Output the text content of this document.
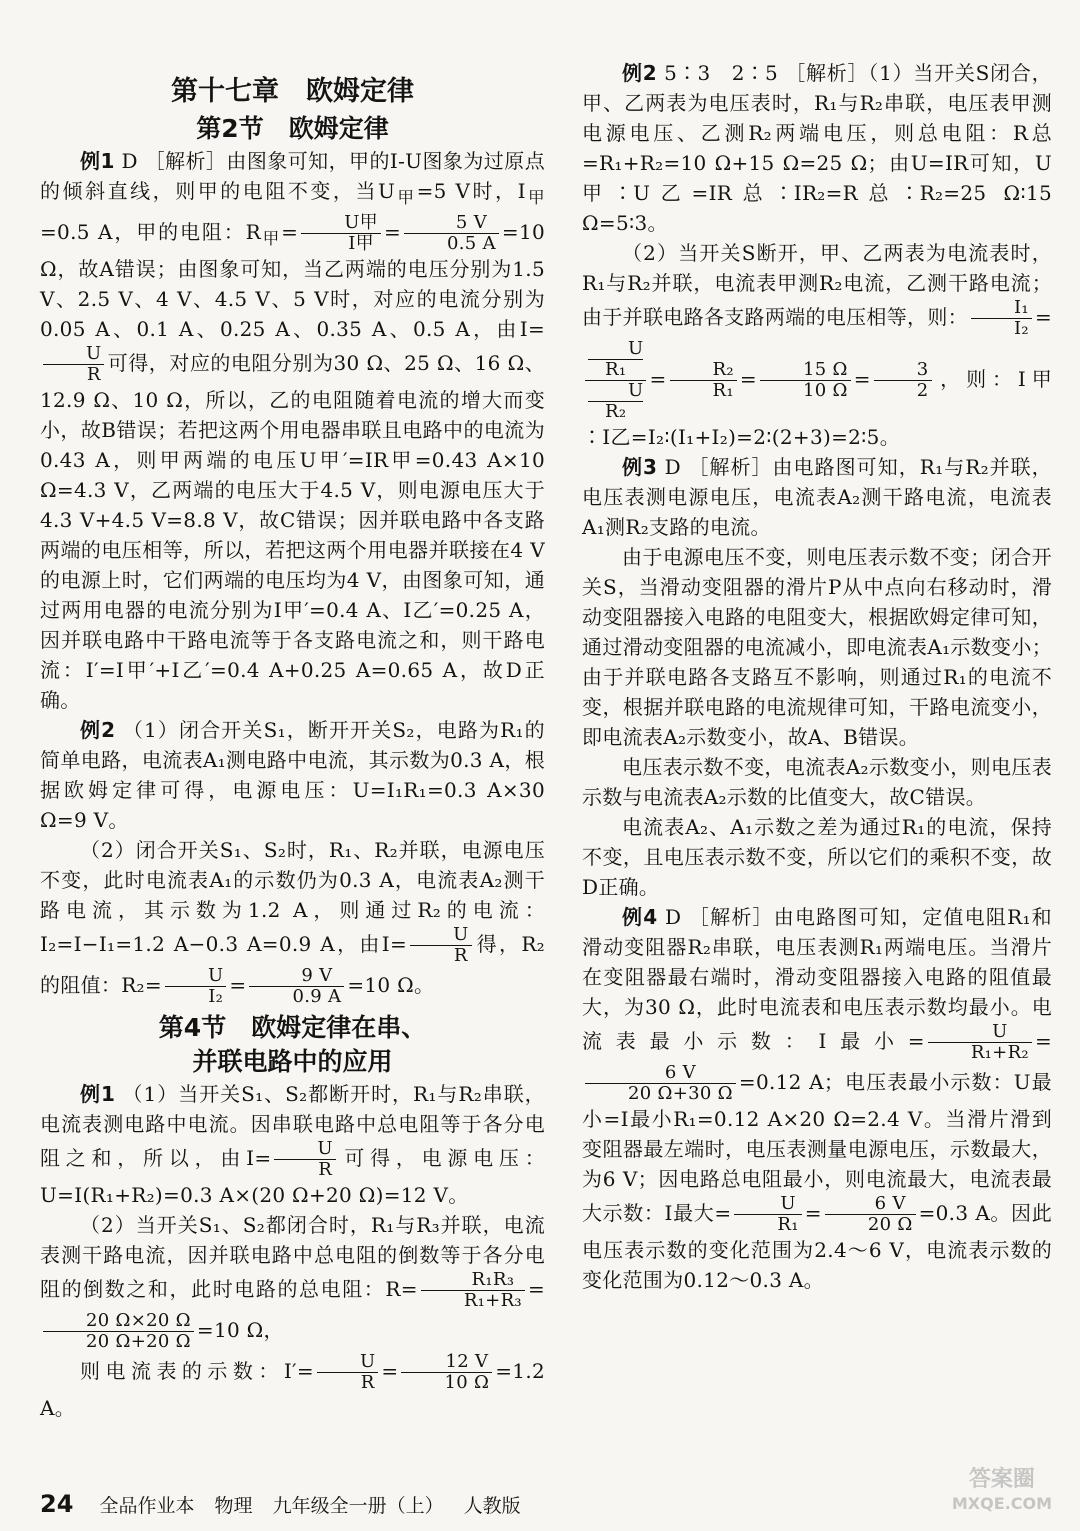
第十七章　欧姆定律
第2节　欧姆定律

例1 D ［解析］由图象可知，甲的I-U图象为过原点的倾斜直线，则甲的电阻不变，当$U_甲=5$ V时，$I_甲=0.5$ A，甲的电阻：$R_甲= \frac{\text{U甲}}{\text{I甲}} = \frac{5 V}{0.5 A} =10$ Ω，故A错误；由图象可知，当乙两端的电压分别为1.5 V、2.5 V、4 V、4.5 V、5 V时，对应的电流分别为0.05 A、0.1 A、0.25 A、0.35 A、0.5 A，由I=
$\frac{U}{R}$ 可得，对应的电阻分别为30 Ω、25 Ω、16 Ω、12.9 Ω、10 Ω，所以，乙的电阻随着电流的增大而变小，故B错误；若把这两个用电器串联且电路中的电流为0.43 A，则甲两端的电压U甲′=IR甲=0.43 A×10 Ω=4.3 V，乙两端的电压大于4.5 V，则电源电压大于4.3 V+4.5 V=8.8 V，故C错误；因并联电路中各支路两端的电压相等，所以，若把这两个用电器并联接在4 V的电源上时，它们两端的电压均为4 V，由图象可知，通过两用电器的电流分别为I甲′=0.4 A、I乙′=0.25 A，因并联电路中干路电流等于各支路电流之和，则干路电流：I′=I甲′+I乙′=0.4 A+0.25 A=0.65 A，故D正确。

例2 （1）闭合开关S₁，断开开关S₂，电路为R₁的简单电路，电流表A₁测电路中电流，其示数为0.3 A，根据欧姆定律可得，电源电压：U=I₁R₁=0.3 A×30 Ω=9 V。

（2）闭合开关S₁、S₂时，R₁、R₂并联，电源电压不变，此时电流表A₁的示数仍为0.3 A，电流表A₂测干路电流，其示数为1.2 A，则通过R₂的电流：I₂=I−I₁=1.2 A−0.3 A=0.9 A，由$I= \frac{U}{R}$ 得，R₂的阻值：$R_2= \frac{U}{\text{I₂}} = \frac{9 V}{0.9 A} =10$ Ω。

第4节　欧姆定律在串、
并联电路中的应用

例1 （1）当开关S₁、S₂都断开时，R₁与R₂串联，电流表测电路中电流。因串联电路中总电阻等于各分电阻之和，所以，由$I= \frac{U}{R}$ 可得，电源电压：U=I(R₁+R₂)=0.3 A×(20 Ω+20 Ω)=12 V。

（2）当开关S₁、S₂都闭合时，R₁与R₃并联，电流表测干路电流，因并联电路中总电阻的倒数等于各分电阻的倒数之和，此时电路的总电阻：$R= \frac{\text{R₁R₃}}{\text{R₁+R₃}}$ =
$\frac{20 \Omega\times 20 \Omega}{20 \Omega+20 \Omega} =10$ Ω，

则电流表的示数：$I'= \frac{U}{R} = \frac{12 V}{10 \Omega} =1.2$ A。

例2 5∶3　2∶5 ［解析］（1）当开关S闭合，甲、乙两表为电压表时，R₁与R₂串联，电压表甲测电源电压、乙测R₂两端电压，则总电阻：R总=R₁+R₂=10 Ω+15 Ω=25 Ω；由U=IR可知，U甲∶U乙=IR总∶IR₂=R总∶R₂=25 Ω∶15 Ω=5∶3。

（2）当开关S断开，甲、乙两表为电流表时，R₁与R₂并联，电流表甲测R₂电流，乙测干路电流；由于并联电路各支路两端的电压相等，则： $\frac{\text{I₁}}{\text{I₂}}$ =
U
R₁
U
$R_2 = \frac{\text{R₂}}{\text{R₁}} = \frac{15 \Omega}{10 \Omega} = \frac{3}{2}$ ，则：I甲∶I乙=I₂∶(I₁+I₂)=2∶(2+3)=2∶5。

例3 D ［解析］由电路图可知，R₁与R₂并联，电压表测电源电压，电流表A₂测干路电流，电流表A₁测R₂支路的电流。

由于电源电压不变，则电压表示数不变；闭合开关S，当滑动变阻器的滑片P从中点向右移动时，滑动变阻器接入电路的电阻变大，根据欧姆定律可知，通过滑动变阻器的电流减小，即电流表A₁示数变小；由于并联电路各支路互不影响，则通过R₁的电流不变，根据并联电路的电流规律可知，干路电流变小，即电流表A₂示数变小，故A、B错误。

电压表示数不变，电流表A₂示数变小，则电压表示数与电流表A₂示数的比值变大，故C错误。

电流表A₂、A₁示数之差为通过R₁的电流，保持不变，且电压表示数不变，所以它们的乘积不变，故D正确。

例4 D ［解析］由电路图可知，定值电阻R₁和滑动变阻器R₂串联，电压表测R₁两端电压。当滑片在变阻器最右端时，滑动变阻器接入电路的阻值最大，为30 Ω，此时电流表和电压表示数均最小。电流表最小示数：I最小= $\frac{U}{\text{R₁+R₂}}$ =
$\frac{6 V}{20 \Omega+30 \Omega} =0.12$ A；电压表最小示数：U最小=I最小R₁=0.12 A×20 Ω=2.4 V。当滑片滑到变阻器最左端时，电压表测量电源电压，示数最大，为6 V；因电路总电阻最小，则电流最大，电流表最大示数：I最大= $\frac{U}{\text{R₁}} = \frac{6 V}{20 \Omega} =0.3$ A。因此电压表示数的变化范围为2.4～6 V，电流表示数的变化范围为0.12～0.3 A。

24 全品作业本 物理 九年级全一册（上） 人教版
答案圈
MXQE.COM
